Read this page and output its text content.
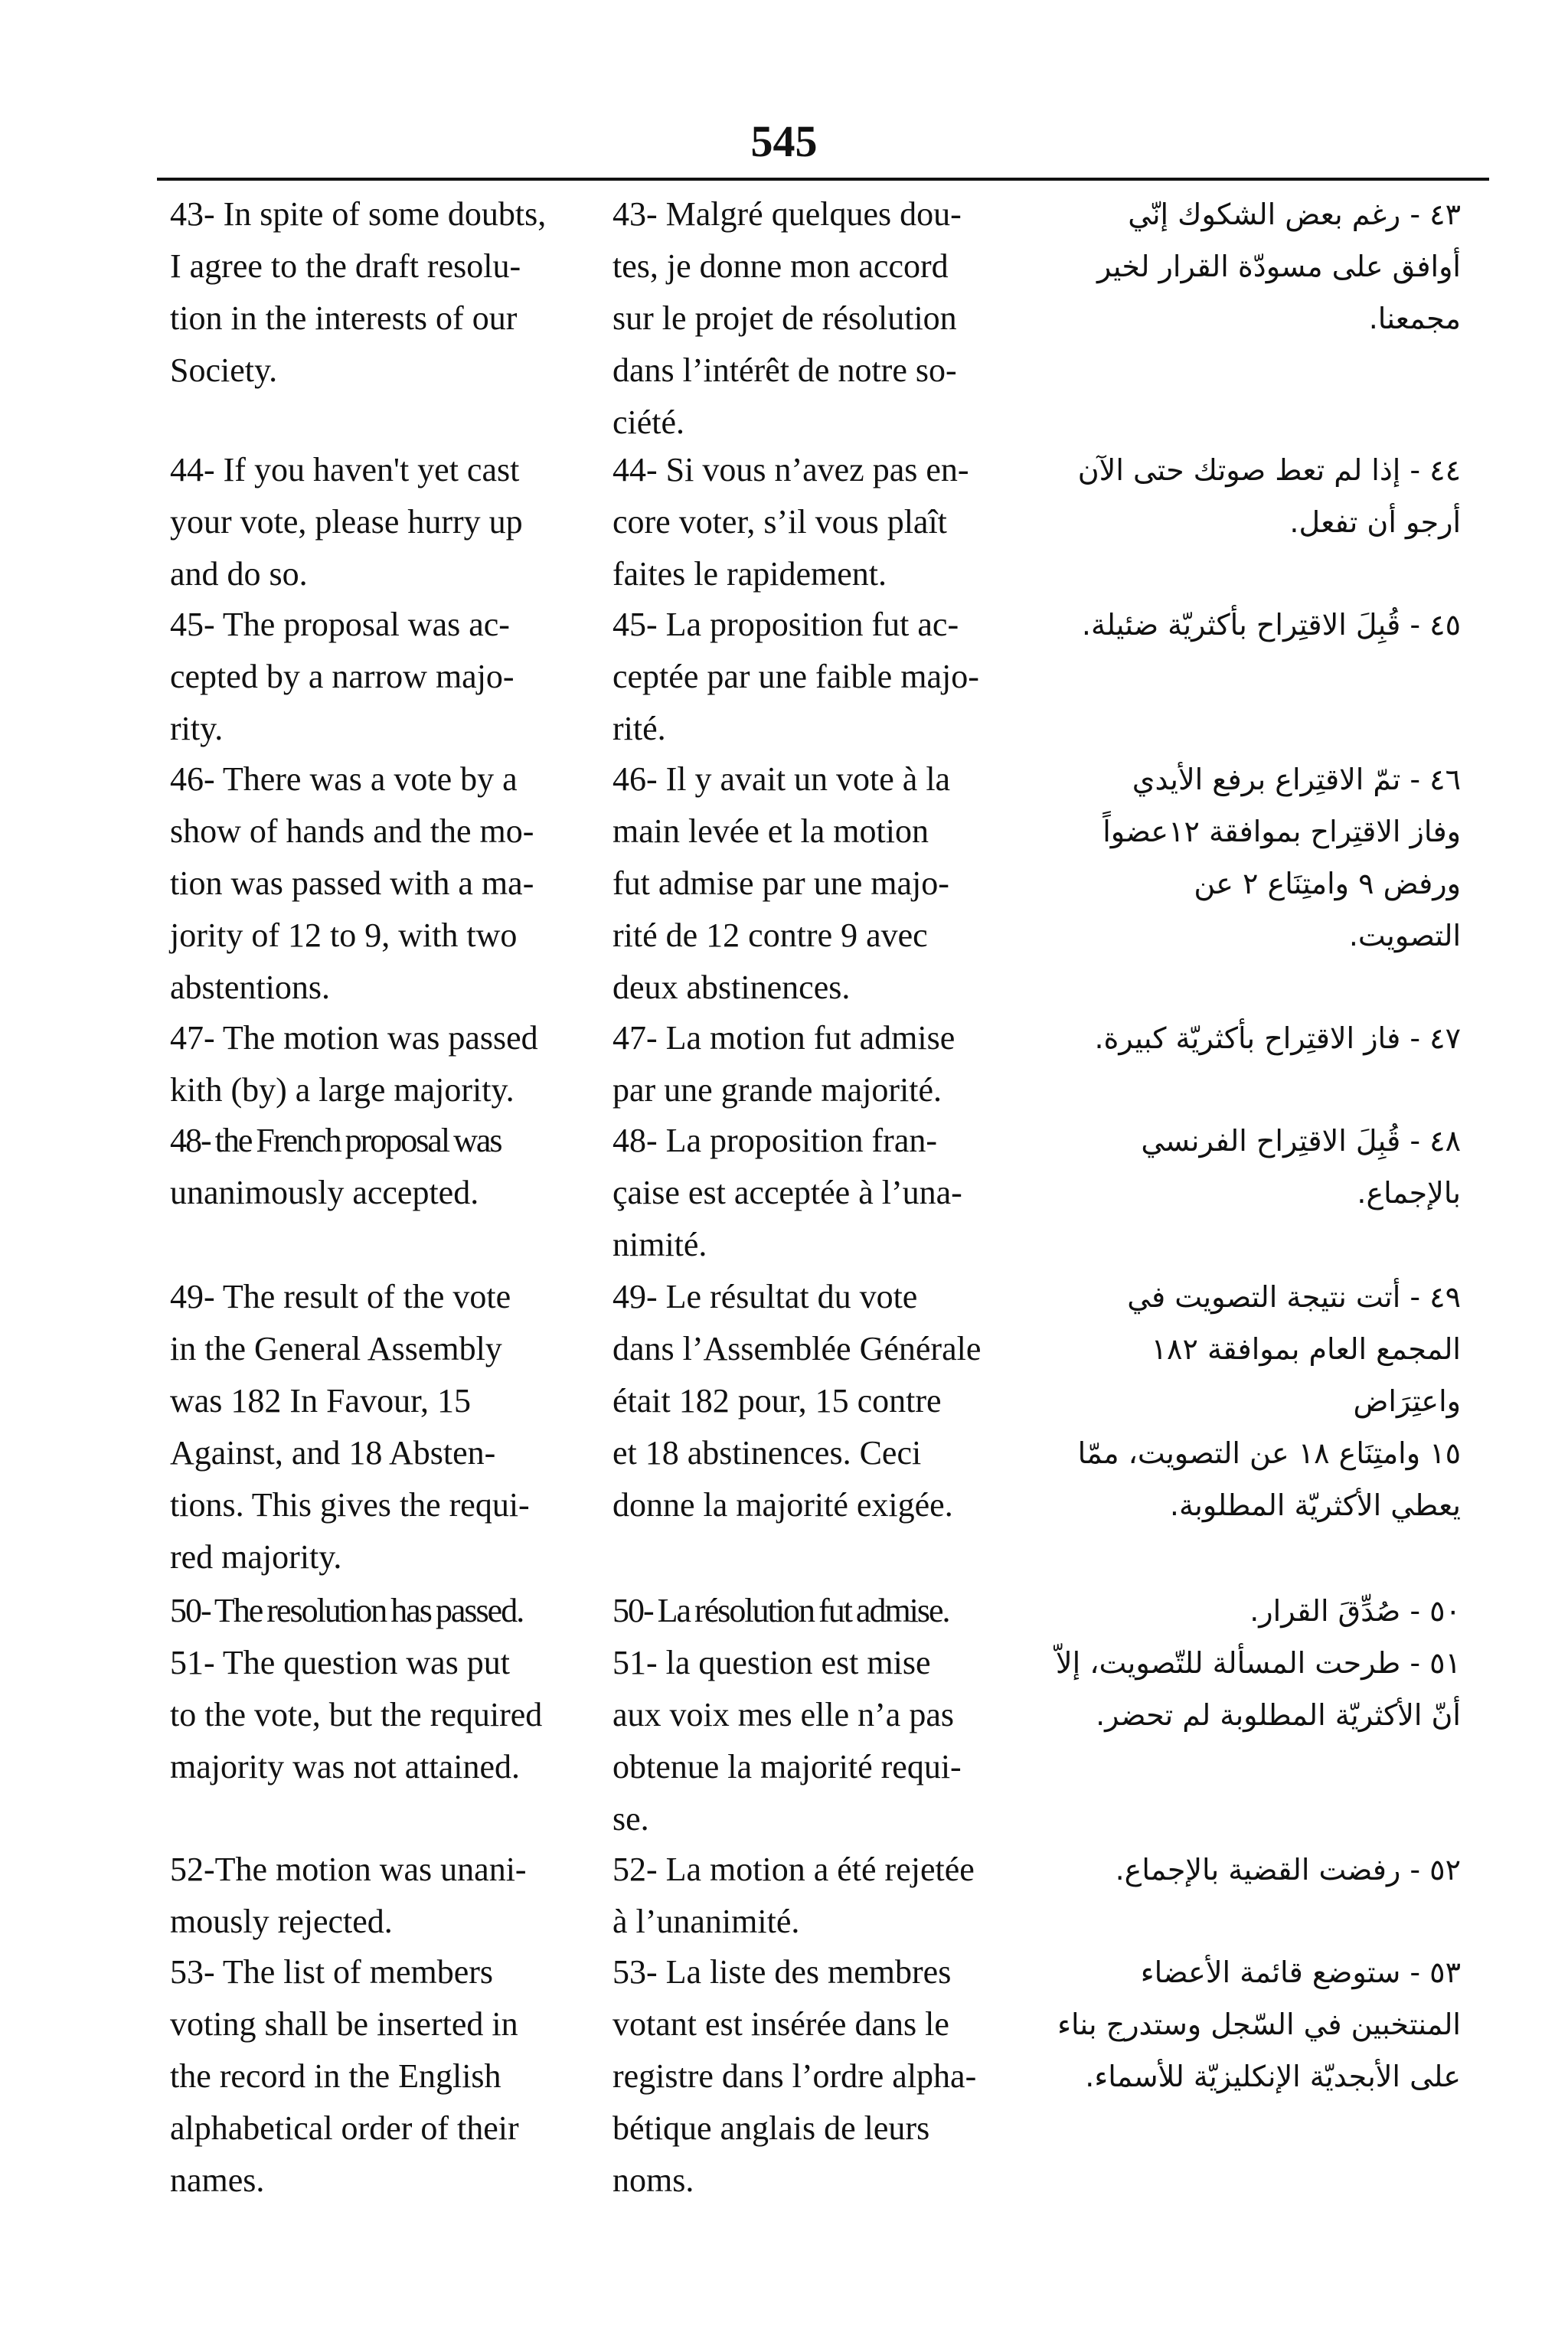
545
43- In spite of some doubts,
I agree to the draft resolu-
tion in the interests of our
Society.
43- Malgré quelques dou-
tes, je donne mon accord
sur le projet de résolution
dans l’intérêt de notre so-
ciété.
٤٣ - رغم بعض الشكوك إنّي
أوافق على مسودّة القرار لخير
مجمعنا.
44- If you haven't yet cast
your vote, please hurry up
and do so.
44- Si vous n’avez pas en-
core voter, s’il vous plaît
faites le rapidement.
٤٤ - إذا لم تعط صوتك حتى الآن
أرجو أن تفعل.
45- The proposal was ac-
cepted by a narrow majo-
rity.
45- La proposition fut ac-
ceptée par une faible majo-
rité.
٤٥ - قُبِلَ الاقتِراح بأكثريّة ضئيلة.
46- There was a vote by a
show of hands and the mo-
tion was passed with a ma-
jority of 12 to 9, with two
abstentions.
46- Il y avait un vote à la
main levée et la motion
fut admise par une majo-
rité de 12 contre 9 avec
deux abstinences.
٤٦ - تمّ الاقتِراع برفع الأيدي
وفاز الاقتِراح بموافقة ١٢عضواً
ورفض ٩ وامتِنَاع ٢ عن
التصويت.
47- The motion was passed
kith (by) a large majority.
47- La motion fut admise
par une grande majorité.
٤٧ - فاز الاقتِراح بأكثريّة كبيرة.
48- the French proposal was
unanimously accepted.
48- La proposition fran-
çaise est acceptée à l’una-
nimité.
٤٨ - قُبِلَ الاقتِراح الفرنسي
بالإجماع.
49- The result of the vote
in the General Assembly
was 182 In Favour, 15
Against, and 18 Absten-
tions. This gives the requi-
red majority.
49- Le résultat du vote
dans l’Assemblée Générale
était 182 pour, 15 contre
et 18 abstinences. Ceci
donne la majorité exigée.
٤٩ - أتت نتيجة التصويت في
المجمع العام بموافقة ١٨٢ واعتِرَاض
١٥ وامتِنَاع ١٨ عن التصويت، ممّا
يعطي الأكثريّة المطلوبة.
50- The resolution has passed.	50- La résolution fut admise.	٥٠ - صُدِّقَ القرار.
51- The question was put
to the vote, but the required
majority was not attained.
51- la question est mise
aux voix mes elle n’a pas
obtenue la majorité requi-
se.
٥١ - طرحت المسألة للتّصويت، إلاّ
أنّ الأكثريّة المطلوبة لم تحضر.
52-The motion was unani-
mously rejected.
52- La motion a été rejetée
à l’unanimité.
٥٢ - رفضت القضية بالإجماع.
53- The list of members
voting shall be inserted in
the record in the English
alphabetical order of their
names.
53- La liste des membres
votant est insérée dans le
registre dans l’ordre alpha-
bétique anglais de leurs
noms.
٥٣ - ستوضع قائمة الأعضاء
المنتخبين في السّجل وستدرج بناء
على الأبجديّة الإنكليزيّة للأسماء.
